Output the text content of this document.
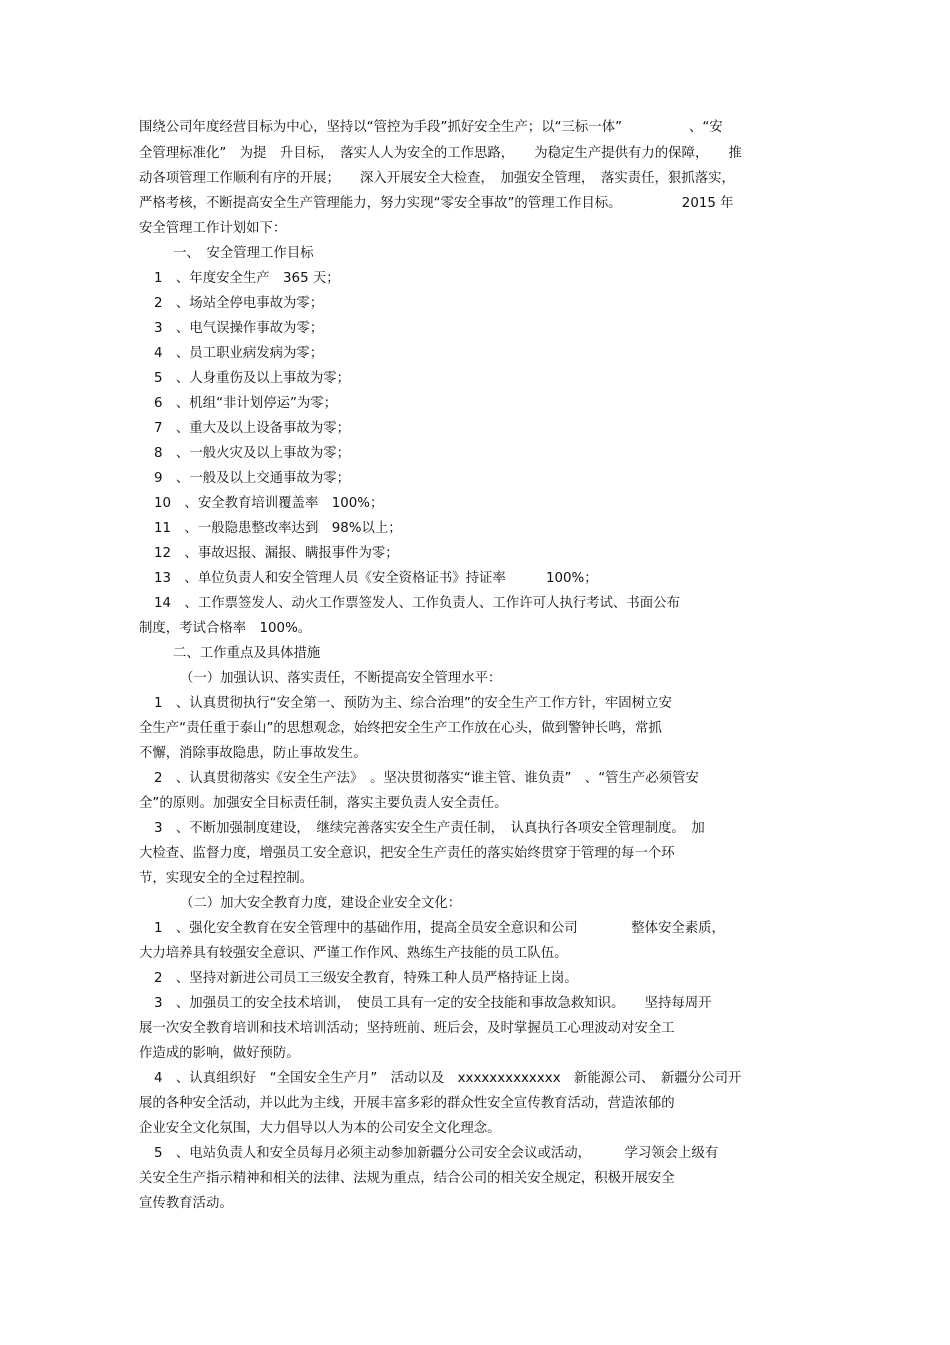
围绕公司年度经营目标为中心，坚持以“管控为手段”抓好安全生产；以“三标一体”　　　　　、“安
全管理标准化”　为提　升目标，　落实人人为安全的工作思路，　　为稳定生产提供有力的保障，　　推
动各项管理工作顺利有序的开展；　　深入开展安全大检查，　加强安全管理，　落实责任，狠抓落实，
严格考核，不断提高安全生产管理能力，努力实现“零安全事故”的管理工作目标。　　　　　2015 年
安全管理工作计划如下：
一、　安全管理工作目标
1　、年度安全生产　365 天；
2　、场站全停电事故为零；
3　、电气误操作事故为零；
4　、员工职业病发病为零；
5　、人身重伤及以上事故为零；
6　、机组“非计划停运”为零；
7　、重大及以上设备事故为零；
8　、一般火灾及以上事故为零；
9　、一般及以上交通事故为零；
10　、安全教育培训覆盖率　100%；
11　、一般隐患整改率达到　98%以上；
12　、事故迟报、漏报、瞒报事件为零；
13　、单位负责人和安全管理人员《安全资格证书》持证率　　　100%；
14　、工作票签发人、动火工作票签发人、工作负责人、工作许可人执行考试、书面公布
制度，考试合格率　100%。
二、工作重点及具体措施
（一）加强认识、落实责任，不断提高安全管理水平：
1　、认真贯彻执行“安全第一、预防为主、综合治理”的安全生产工作方针，牢固树立安
全生产“责任重于泰山”的思想观念，始终把安全生产工作放在心头，做到警钟长鸣，常抓
不懈，消除事故隐患，防止事故发生。
2　、认真贯彻落实《安全生产法》　。坚决贯彻落实“谁主管、谁负责”　、“管生产必须管安
全”的原则。加强安全目标责任制，落实主要负责人安全责任。
3　、不断加强制度建设，　继续完善落实安全生产责任制，　认真执行各项安全管理制度。　加
大检查、监督力度，增强员工安全意识，把安全生产责任的落实始终贯穿于管理的每一个环
节，实现安全的全过程控制。
（二）加大安全教育力度，建设企业安全文化：
1　、强化安全教育在安全管理中的基础作用，提高全员安全意识和公司　　　　整体安全素质，
大力培养具有较强安全意识、严谨工作作风、熟练生产技能的员工队伍。
2　、坚持对新进公司员工三级安全教育，特殊工种人员严格持证上岗。
3　、加强员工的安全技术培训，　使员工具有一定的安全技能和事故急救知识。　　坚持每周开
展一次安全教育培训和技术培训活动；坚持班前、班后会，及时掌握员工心理波动对安全工
作造成的影响，做好预防。
4　、认真组织好　“全国安全生产月”　活动以及　xxxxxxxxxxxxx　新能源公司、　新疆分公司开
展的各种安全活动，并以此为主线，开展丰富多彩的群众性安全宣传教育活动，营造浓郁的
企业安全文化氛围，大力倡导以人为本的公司安全文化理念。
5　、电站负责人和安全员每月必须主动参加新疆分公司安全会议或活动，　　　学习领会上级有
关安全生产指示精神和相关的法律、法规为重点，结合公司的相关安全规定，积极开展安全
宣传教育活动。
